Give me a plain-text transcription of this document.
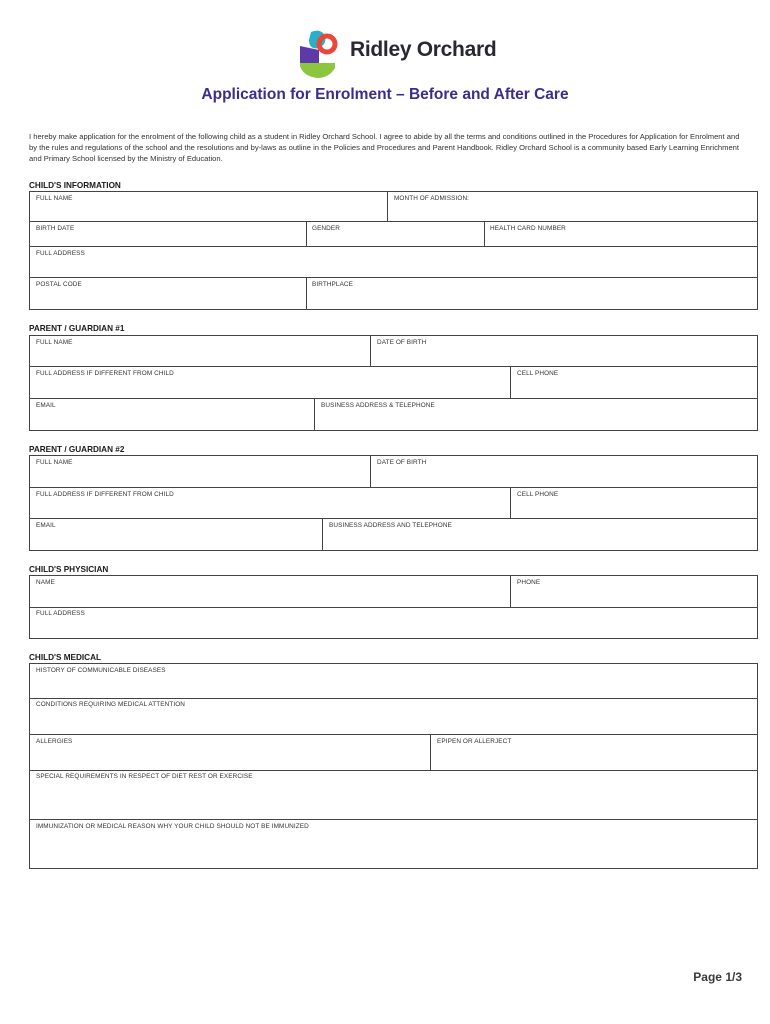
Ridley Orchard
Application for Enrolment – Before and After Care
I hereby make application for the enrolment of the following child as a student in Ridley Orchard School. I agree to abide by all the terms and conditions outlined in the Procedures for Application for Enrolment and by the rules and regulations of the school and the resolutions and by-laws as outline in the Policies and Procedures and Parent Handbook. Ridley Orchard School is a community based Early Learning Enrichment and Primary School licensed by the Ministry of Education.
CHILD'S INFORMATION
FULL NAME	MONTH OF ADMISSION:
BIRTH DATE	GENDER	HEALTH CARD NUMBER
FULL ADDRESS
POSTAL CODE	BIRTHPLACE
PARENT / GUARDIAN #1
FULL NAME	DATE OF BIRTH
FULL ADDRESS IF DIFFERENT FROM CHILD	CELL PHONE
EMAIL	BUSINESS ADDRESS & TELEPHONE
PARENT / GUARDIAN #2
FULL NAME	DATE OF BIRTH
FULL ADDRESS IF DIFFERENT FROM CHILD	CELL PHONE
EMAIL	BUSINESS ADDRESS AND TELEPHONE
CHILD'S PHYSICIAN
NAME	PHONE
FULL ADDRESS
CHILD'S MEDICAL
HISTORY OF COMMUNICABLE DISEASES
CONDITIONS REQUIRING MEDICAL ATTENTION
ALLERGIES	EPIPEN OR ALLERJECT
SPECIAL REQUIREMENTS IN RESPECT OF DIET REST OR EXERCISE
IMMUNIZATION OR MEDICAL REASON WHY YOUR CHILD SHOULD NOT BE IMMUNIZED
Page 1/3
